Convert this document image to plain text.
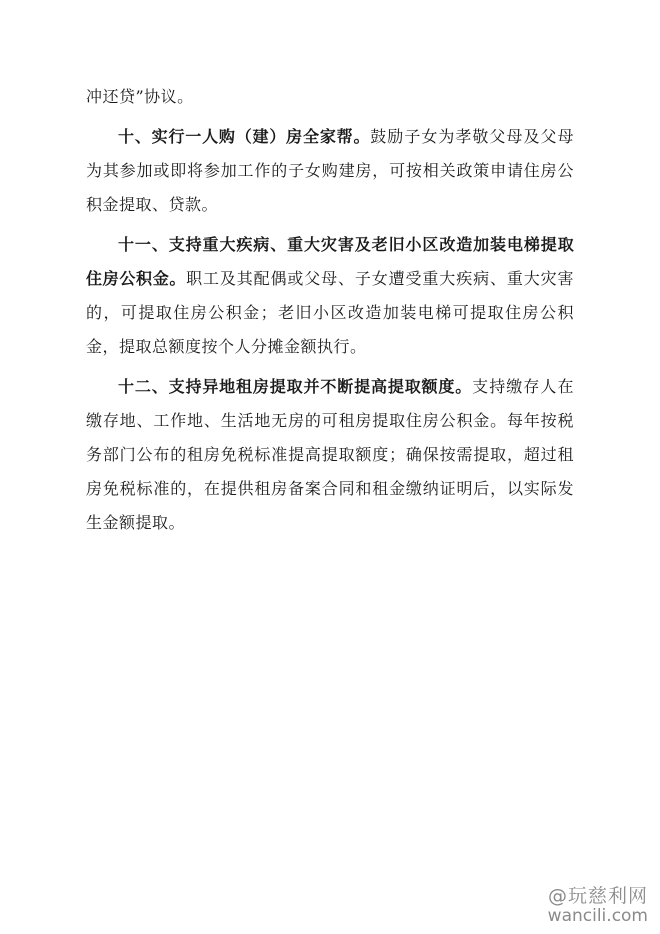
冲还贷”协议。

十、实行一人购（建）房全家帮。鼓励子女为孝敬父母及父母为其参加或即将参加工作的子女购建房，可按相关政策申请住房公积金提取、贷款。

十一、支持重大疾病、重大灾害及老旧小区改造加装电梯提取住房公积金。职工及其配偶或父母、子女遭受重大疾病、重大灾害的，可提取住房公积金；老旧小区改造加装电梯可提取住房公积金，提取总额度按个人分摊金额执行。

十二、支持异地租房提取并不断提高提取额度。支持缴存人在缴存地、工作地、生活地无房的可租房提取住房公积金。每年按税务部门公布的租房免税标准提高提取额度；确保按需提取，超过租房免税标准的，在提供租房备案合同和租金缴纳证明后，以实际发生金额提取。

@玩慈利网
wancili.com
